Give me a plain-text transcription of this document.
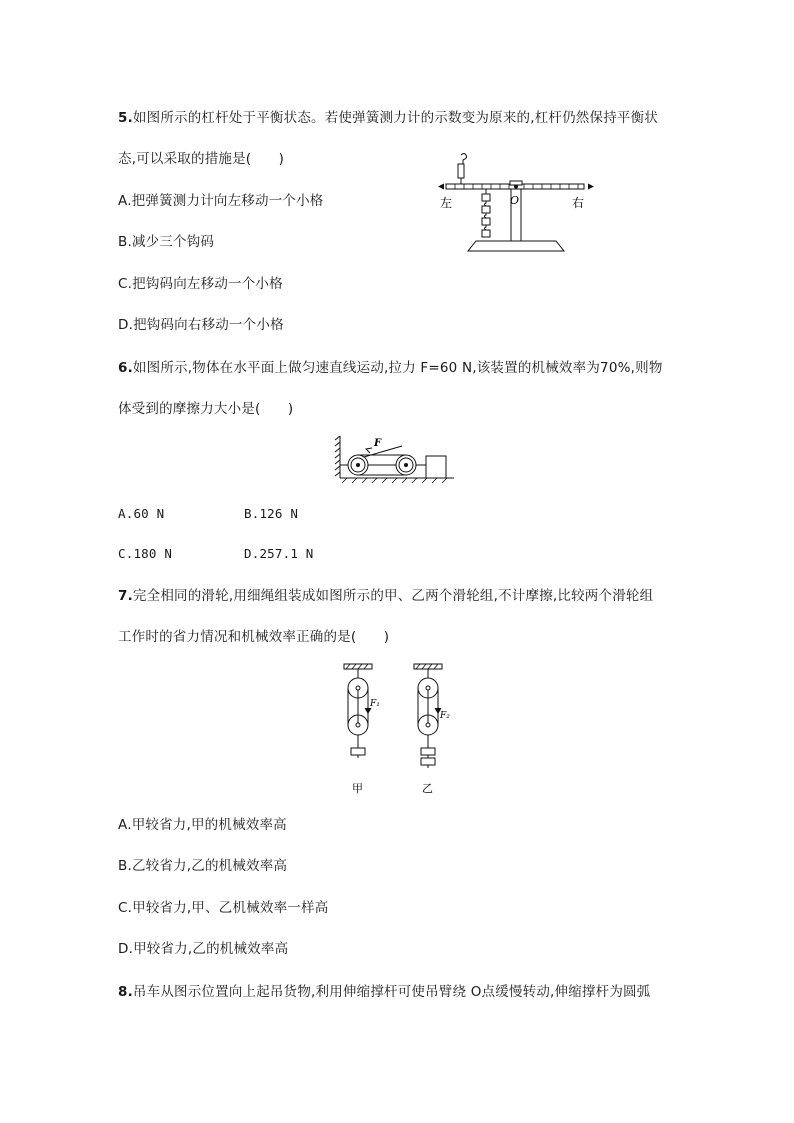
5.如图所示的杠杆处于平衡状态。若使弹簧测力计的示数变为原来的,杠杆仍然保持平衡状
态,可以采取的措施是(　　)
A.把弹簧测力计向左移动一个小格
B.减少三个钩码
C.把钩码向左移动一个小格
D.把钩码向右移动一个小格
左	O	右
6.如图所示,物体在水平面上做匀速直线运动,拉力 F=60 N,该装置的机械效率为70%,则物
体受到的摩擦力大小是(　　)
F
A.60 N	B.126 N
C.180 N	D.257.1 N
7.完全相同的滑轮,用细绳组装成如图所示的甲、乙两个滑轮组,不计摩擦,比较两个滑轮组
工作时的省力情况和机械效率正确的是(　　)
F₁
F₂
甲	乙
A.甲较省力,甲的机械效率高
B.乙较省力,乙的机械效率高
C.甲较省力,甲、乙机械效率一样高
D.甲较省力,乙的机械效率高
8.吊车从图示位置向上起吊货物,利用伸缩撑杆可使吊臂绕 O点缓慢转动,伸缩撑杆为圆弧
